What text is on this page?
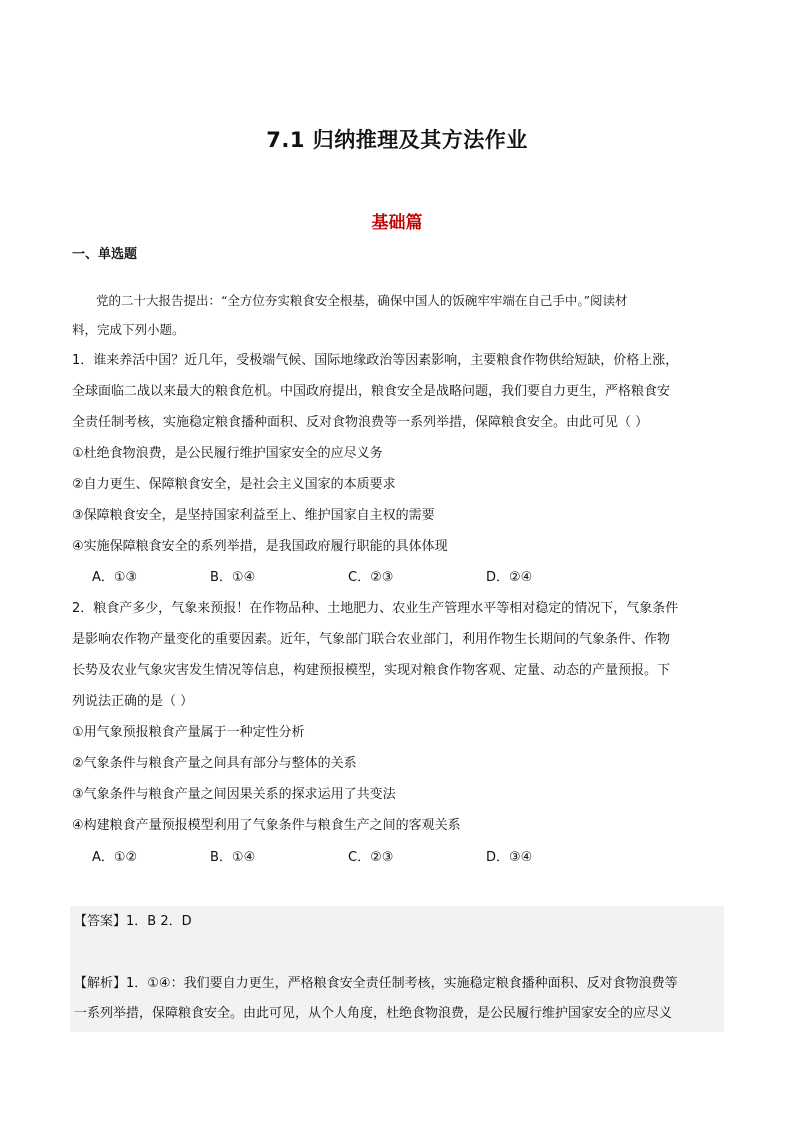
7.1 归纳推理及其方法作业
基础篇
一、单选题
党的二十大报告提出：“全方位夯实粮食安全根基，确保中国人的饭碗牢牢端在自己手中。”阅读材
料，完成下列小题。
1．谁来养活中国？近几年，受极端气候、国际地缘政治等因素影响，主要粮食作物供给短缺，价格上涨，
全球面临二战以来最大的粮食危机。中国政府提出，粮食安全是战略问题，我们要自力更生，严格粮食安
全责任制考核，实施稳定粮食播种面积、反对食物浪费等一系列举措，保障粮食安全。由此可见（ ）
①杜绝食物浪费，是公民履行维护国家安全的应尽义务
②自力更生、保障粮食安全，是社会主义国家的本质要求
③保障粮食安全，是坚持国家利益至上、维护国家自主权的需要
④实施保障粮食安全的系列举措，是我国政府履行职能的具体体现
A．①③	B．①④	C．②③	D．②④
2．粮食产多少，气象来预报！在作物品种、土地肥力、农业生产管理水平等相对稳定的情况下，气象条件
是影响农作物产量变化的重要因素。近年，气象部门联合农业部门，利用作物生长期间的气象条件、作物
长势及农业气象灾害发生情况等信息，构建预报模型，实现对粮食作物客观、定量、动态的产量预报。下
列说法正确的是（ ）
①用气象预报粮食产量属于一种定性分析
②气象条件与粮食产量之间具有部分与整体的关系
③气象条件与粮食产量之间因果关系的探求运用了共变法
④构建粮食产量预报模型利用了气象条件与粮食生产之间的客观关系
A．①②	B．①④	C．②③	D．③④
【答案】1．B 2．D
【解析】1．①④：我们要自力更生，严格粮食安全责任制考核，实施稳定粮食播种面积、反对食物浪费等
一系列举措，保障粮食安全。由此可见，从个人角度，杜绝食物浪费，是公民履行维护国家安全的应尽义
